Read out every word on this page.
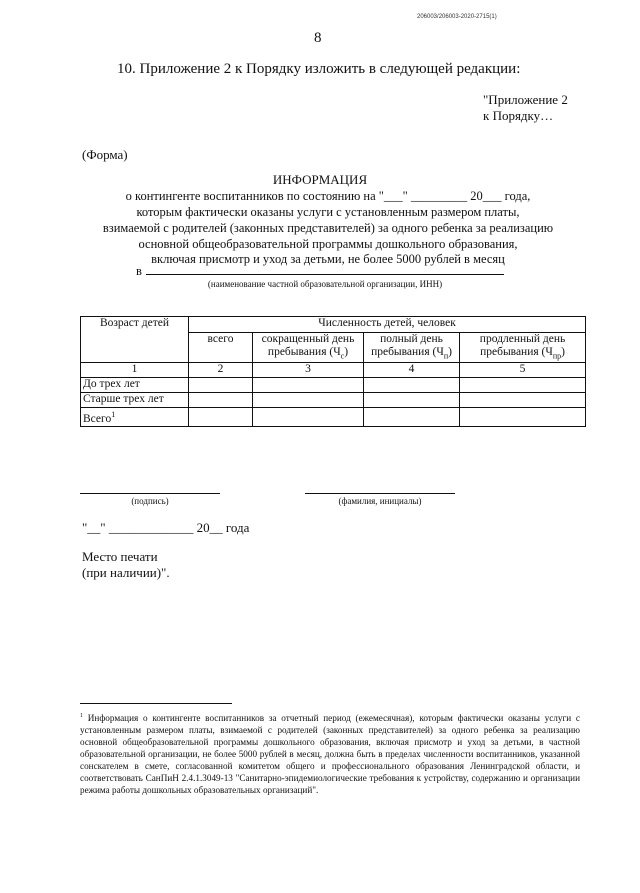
206003/206003-2020-2715(1)
8
10. Приложение 2 к Порядку изложить в следующей редакции:
"Приложение 2
к Порядку…
(Форма)
ИНФОРМАЦИЯ
о контингенте воспитанников по состоянию на "___" _________ 20___ года,
которым фактически оказаны услуги с установленным размером платы,
взимаемой с родителей (законных представителей) за одного ребенка за реализацию
основной общеобразовательной программы дошкольного образования,
включая присмотр и уход за детьми, не более 5000 рублей в месяц
в
(наименование частной образовательной организации, ИНН)
Возраст детей	Численность детей, человек			
	всего	сокращенный день пребывания $(Ч_с)$	полный день пребывания $(Ч_п)$	продленный день пребывания $(Ч_{пр})$
1	2	3	4	5
До трех лет				
Старше трех лет				
Всего$^1$				
(подпись)	(фамилия, инициалы)
"__" _____________ 20__ года
Место печати
(при наличии)".
$^1$ Информация о контингенте воспитанников за отчетный период (ежемесячная), которым фактически оказаны услуги с установленным размером платы, взимаемой с родителей (законных представителей) за одного ребенка за реализацию основной общеобразовательной программы дошкольного образования, включая присмотр и уход за детьми, в частной образовательной организации, не более 5000 рублей в месяц, должна быть в пределах численности воспитанников, указанной сонскателем в смете, согласованной комитетом общего и профессионального образования Ленинградской области, и соответствовать СанПиН 2.4.1.3049-13 "Санитарно-эпидемиологические требования к устройству, содержанию и организации режима работы дошкольных образовательных организаций".
